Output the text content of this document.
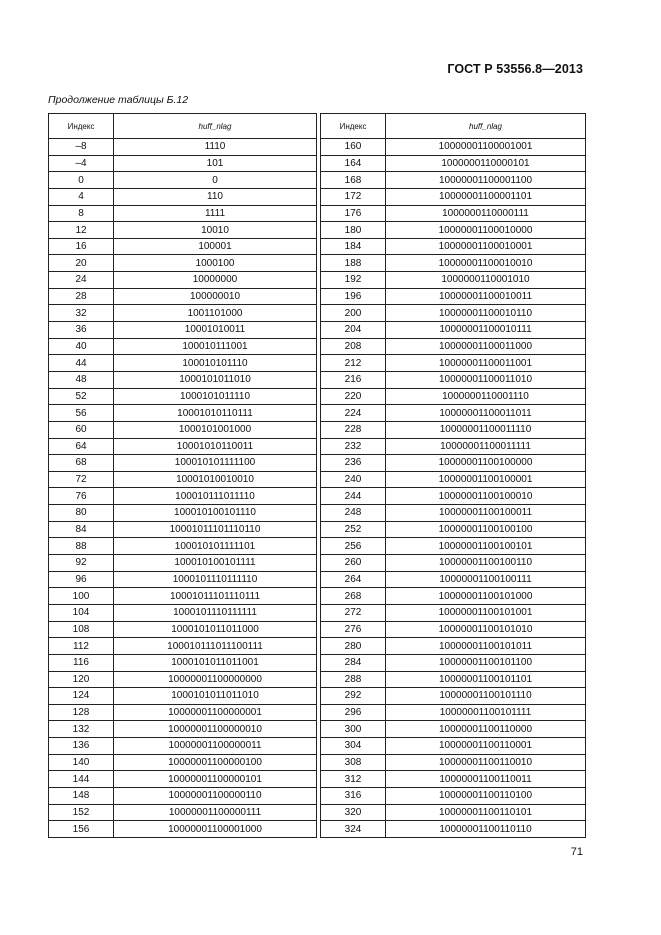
ГОСТ Р 53556.8—2013
Продолжение таблицы Б.12
Индекс	huff_nlag
–8	1110
–4	101
0	0
4	110
8	1111
12	10010
16	100001
20	1000100
24	10000000
28	100000010
32	1001101000
36	10001010011
40	100010111001
44	100010101110
48	1000101011010
52	1000101011110
56	10001010110111
60	1000101001000
64	10001010110011
68	100010101111100
72	10001010010010
76	100010111011110
80	100010100101110
84	10001011101110110
88	100010101111101
92	100010100101111
96	1000101110111110
100	10001011101110111
104	1000101110111111
108	1000101011011000
112	100010111011100111
116	1000101011011001
120	10000001100000000
124	1000101011011010
128	10000001100000001
132	10000001100000010
136	10000001100000011
140	10000001100000100
144	10000001100000101
148	10000001100000110
152	10000001100000111
156	10000001100001000
Индекс	huff_nlag
160	10000001100001001
164	1000000110000101
168	10000001100001100
172	10000001100001101
176	1000000110000111
180	10000001100010000
184	10000001100010001
188	10000001100010010
192	1000000110001010
196	10000001100010011
200	10000001100010110
204	10000001100010111
208	10000001100011000
212	10000001100011001
216	10000001100011010
220	1000000110001110
224	10000001100011011
228	10000001100011110
232	10000001100011111
236	10000001100100000
240	10000001100100001
244	10000001100100010
248	10000001100100011
252	10000001100100100
256	10000001100100101
260	10000001100100110
264	10000001100100111
268	10000001100101000
272	10000001100101001
276	10000001100101010
280	10000001100101011
284	10000001100101100
288	10000001100101101
292	10000001100101110
296	10000001100101111
300	10000001100110000
304	10000001100110001
308	10000001100110010
312	10000001100110011
316	10000001100110100
320	10000001100110101
324	10000001100110110
71
